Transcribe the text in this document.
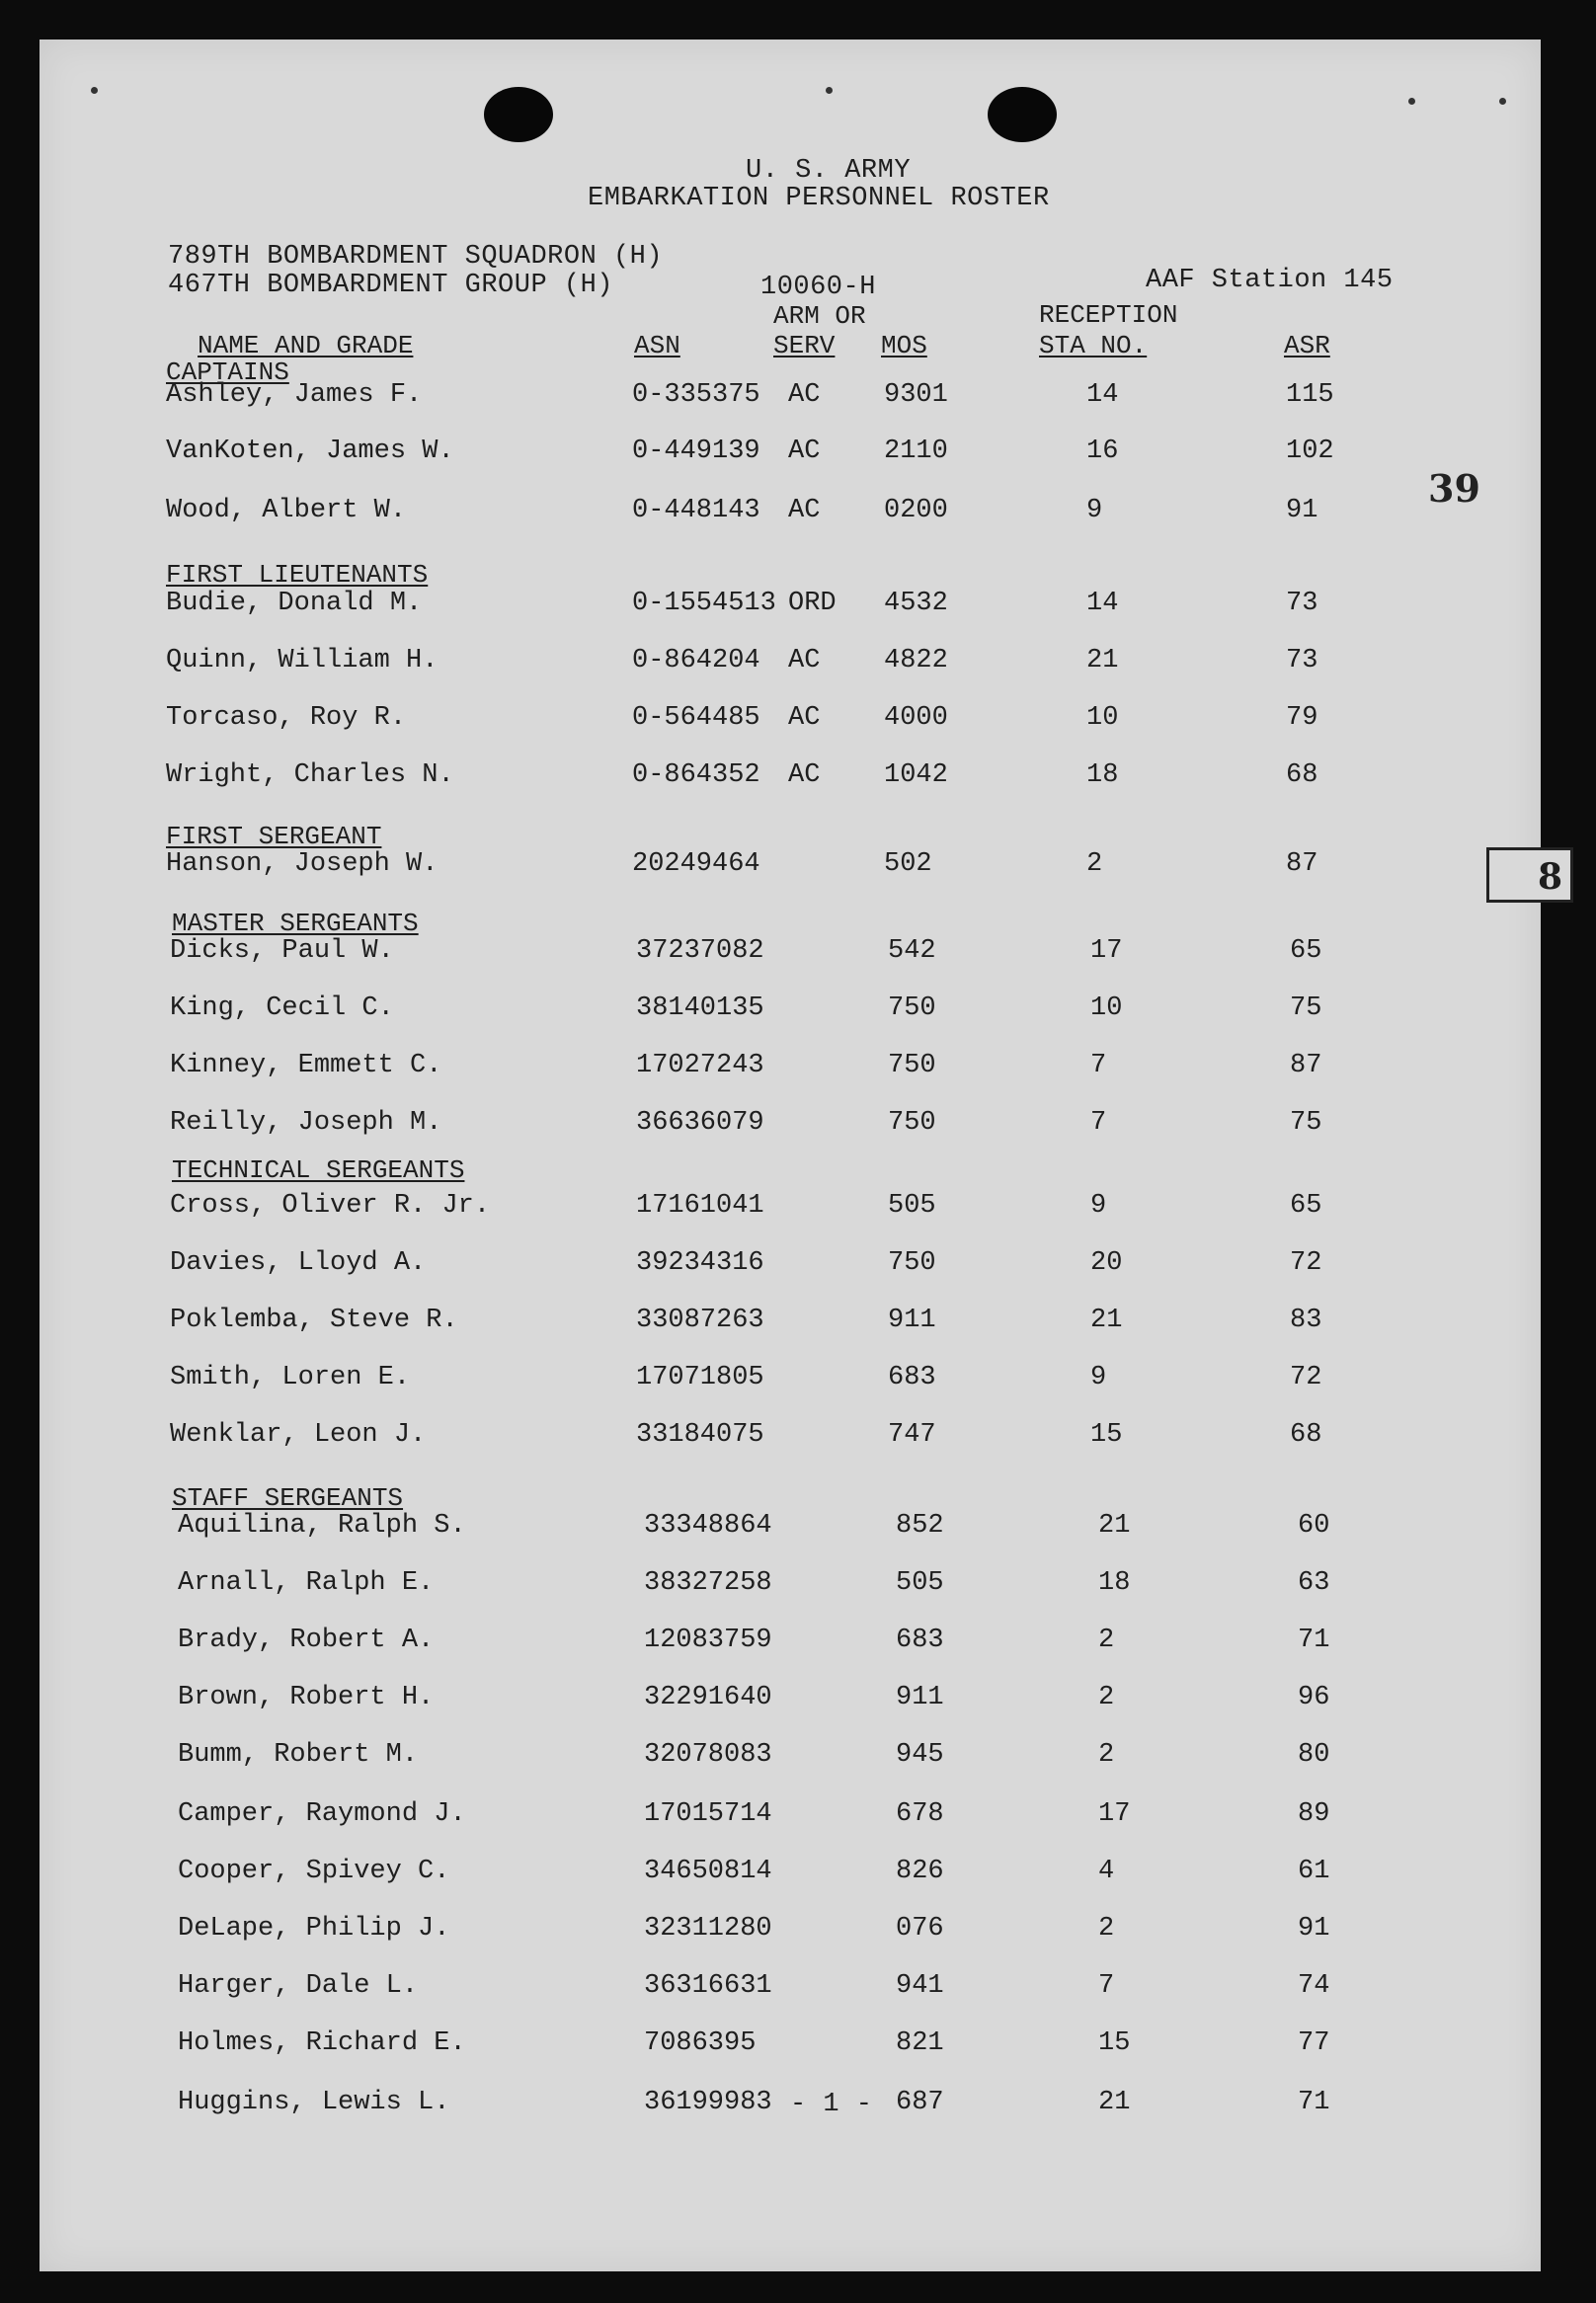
U. S. ARMY
EMBARKATION PERSONNEL ROSTER
789TH BOMBARDMENT SQUADRON (H)
467TH BOMBARDMENT GROUP (H)	10060-H	AAF Station 145
ARM OR	RECEPTION
NAME AND GRADE	ASN	SERV MOS	STA NO.	ASR
CAPTAINS
Ashley, James F.	0-335375 AC 9301	14	115
VanKoten, James W.	0-449139 AC 2110	16	102
Wood, Albert W.	0-448143 AC 0200	9	91
FIRST LIEUTENANTS
Budie, Donald M.	0-1554513 ORD 4532	14	73
Quinn, William H.	0-864204 AC 4822	21	73
Torcaso, Roy R.	0-564485 AC 4000	10	79
Wright, Charles N.	0-864352 AC 1042	18	68
FIRST SERGEANT
Hanson, Joseph W.	20249464	502	2	87
MASTER SERGEANTS
Dicks, Paul W.	37237082	542	17	65
King, Cecil C.	38140135	750	10	75
Kinney, Emmett C.	17027243	750	7	87
Reilly, Joseph M.	36636079	750	7	75
TECHNICAL SERGEANTS
Cross, Oliver R. Jr.	17161041	505	9	65
Davies, Lloyd A.	39234316	750	20	72
Poklemba, Steve R.	33087263	911	21	83
Smith, Loren E.	17071805	683	9	72
Wenklar, Leon J.	33184075	747	15	68
STAFF SERGEANTS
Aquilina, Ralph S.	33348864	852	21	60
Arnall, Ralph E.	38327258	505	18	63
Brady, Robert A.	12083759	683	2	71
Brown, Robert H.	32291640	911	2	96
Bumm, Robert M.	32078083	945	2	80
Camper, Raymond J.	17015714	678	17	89
Cooper, Spivey C.	34650814	826	4	61
DeLape, Philip J.	32311280	076	2	91
Harger, Dale L.	36316631	941	7	74
Holmes, Richard E.	7086395	821	15	77
Huggins, Lewis L.	36199983	687	21	71
39
8
- 1 -
